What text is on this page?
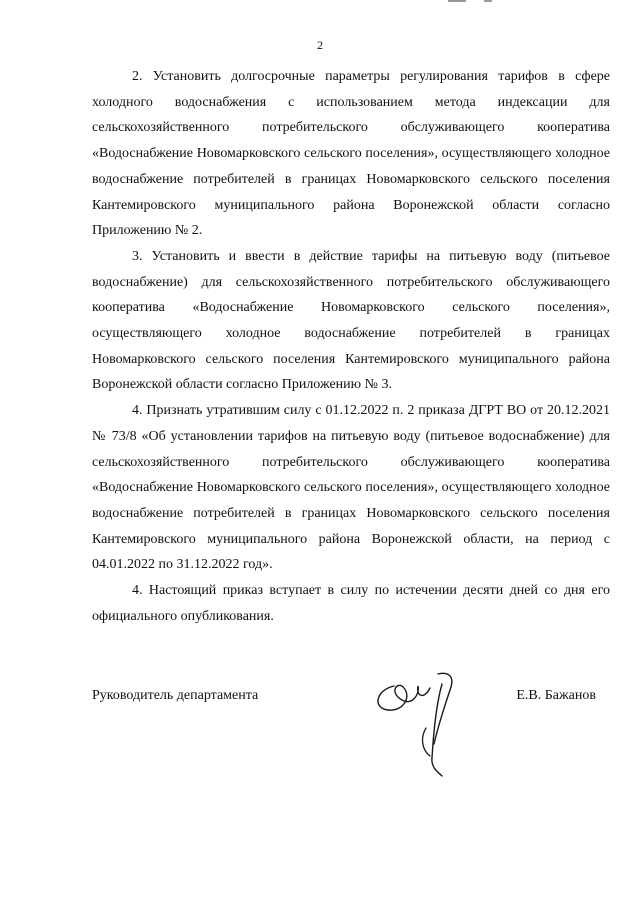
2

2. Установить долгосрочные параметры регулирования тарифов в сфере холодного водоснабжения с использованием метода индексации для сельскохозяйственного потребительского обслуживающего кооператива «Водоснабжение Новомарковского сельского поселения», осуществляющего холодное водоснабжение потребителей в границах Новомарковского сельского поселения Кантемировского муниципального района Воронежской области согласно Приложению № 2.

3. Установить и ввести в действие тарифы на питьевую воду (питьевое водоснабжение) для сельскохозяйственного потребительского обслуживающего кооператива «Водоснабжение Новомарковского сельского поселения», осуществляющего холодное водоснабжение потребителей в границах Новомарковского сельского поселения Кантемировского муниципального района Воронежской области согласно Приложению № 3.

4. Признать утратившим силу с 01.12.2022 п. 2 приказа ДГРТ ВО от 20.12.2021 № 73/8 «Об установлении тарифов на питьевую воду (питьевое водоснабжение) для сельскохозяйственного потребительского обслуживающего кооператива «Водоснабжение Новомарковского сельского поселения», осуществляющего холодное водоснабжение потребителей в границах Новомарковского сельского поселения Кантемировского муниципального района Воронежской области, на период с 04.01.2022 по 31.12.2022 год».

4. Настоящий приказ вступает в силу по истечении десяти дней со дня его официального опубликования.

Руководитель департамента	Е.В. Бажанов
